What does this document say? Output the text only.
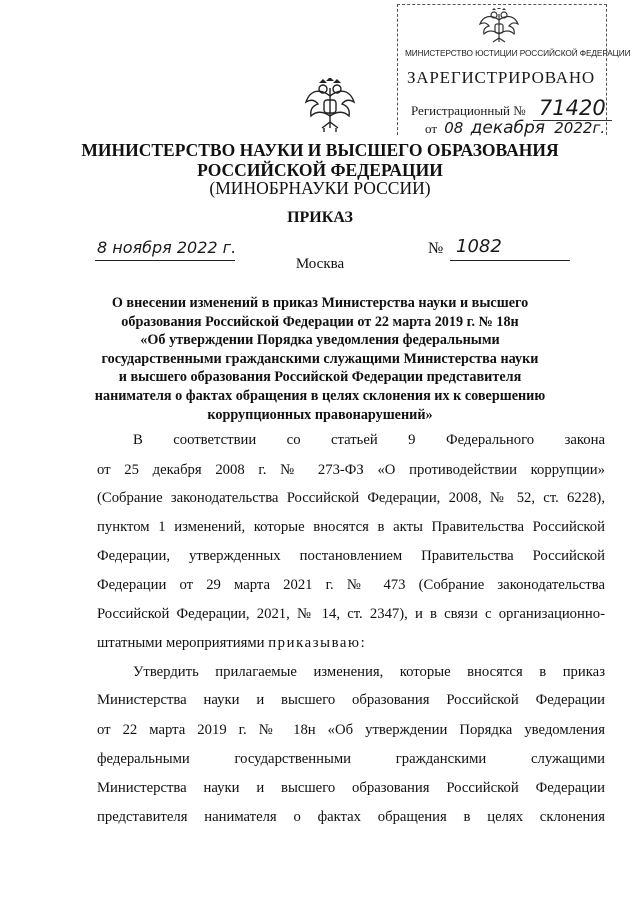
МИНИСТЕРСТВО ЮСТИЦИИ РОССИЙСКОЙ ФЕДЕРАЦИИ
ЗАРЕГИСТРИРОВАНО
Регистрационный № 71420
от 08 декабря 2022г.
МИНИСТЕРСТВО НАУКИ И ВЫСШЕГО ОБРАЗОВАНИЯ
РОССИЙСКОЙ ФЕДЕРАЦИИ
(МИНОБРНАУКИ РОССИИ)
ПРИКАЗ
8 ноября 2022 г.	№ 1082
Москва
О внесении изменений в приказ Министерства науки и высшего
образования Российской Федерации от 22 марта 2019 г. № 18н
«Об утверждении Порядка уведомления федеральными
государственными гражданскими служащими Министерства науки
и высшего образования Российской Федерации представителя
нанимателя о фактах обращения в целях склонения их к совершению
коррупционных правонарушений»
В соответствии со статьей 9 Федерального закона
от 25 декабря 2008 г. № 273-ФЗ «О противодействии коррупции»
(Собрание законодательства Российской Федерации, 2008, № 52, ст. 6228),
пунктом 1 изменений, которые вносятся в акты Правительства Российской
Федерации, утвержденных постановлением Правительства Российской
Федерации от 29 марта 2021 г. № 473 (Собрание законодательства
Российской Федерации, 2021, № 14, ст. 2347), и в связи с организационно-
штатными мероприятиями приказываю:
Утвердить прилагаемые изменения, которые вносятся в приказ
Министерства науки и высшего образования Российской Федерации
от 22 марта 2019 г. № 18н «Об утверждении Порядка уведомления
федеральными государственными гражданскими служащими
Министерства науки и высшего образования Российской Федерации
представителя нанимателя о фактах обращения в целях склонения
